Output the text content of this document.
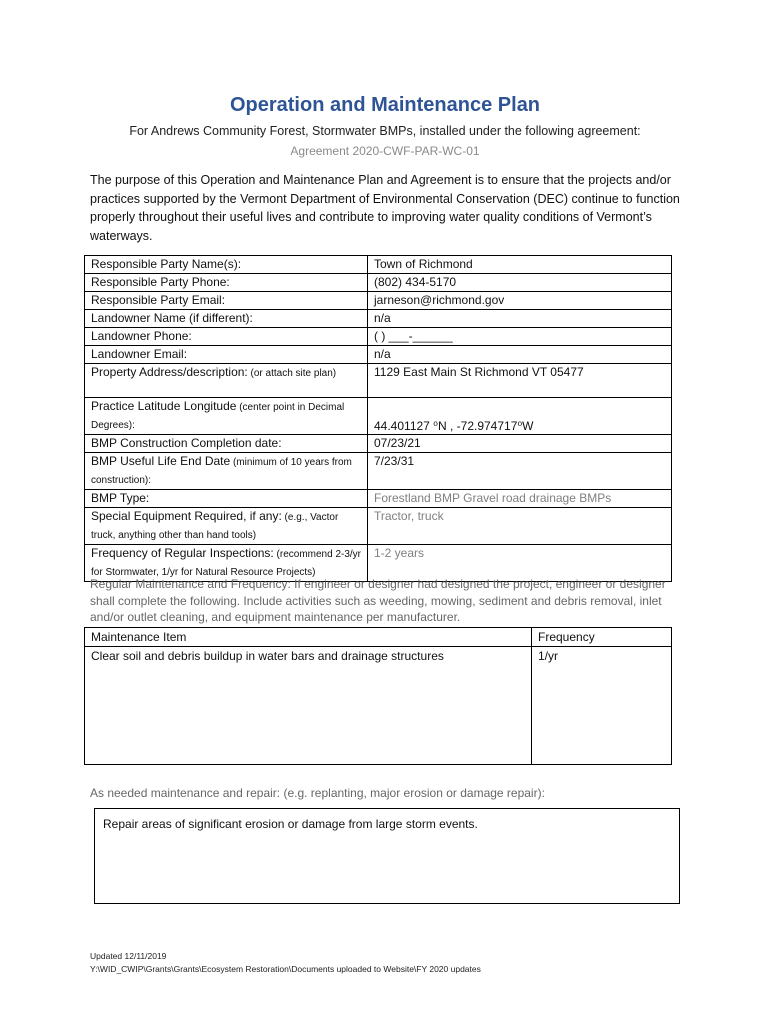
Operation and Maintenance Plan
For Andrews Community Forest, Stormwater BMPs, installed under the following agreement:
Agreement 2020-CWF-PAR-WC-01
The purpose of this Operation and Maintenance Plan and Agreement is to ensure that the projects and/or practices supported by the Vermont Department of Environmental Conservation (DEC) continue to function properly throughout their useful lives and contribute to improving water quality conditions of Vermont’s waterways.
Responsible Party Name(s):	Town of Richmond
Responsible Party Phone:	(802) 434-5170
Responsible Party Email:	jarneson@richmond.gov
Landowner Name (if different):	n/a
Landowner Phone:	( ) ___-______
Landowner Email:	n/a
Property Address/description: (or attach site plan)	1129 East Main St Richmond VT 05477
Practice Latitude Longitude (center point in Decimal Degrees):	44.401127 ⁰N , -72.974717⁰W
BMP Construction Completion date:	07/23/21
BMP Useful Life End Date (minimum of 10 years from construction):	7/23/31
BMP Type:	Forestland BMP Gravel road drainage BMPs
Special Equipment Required, if any: (e.g., Vactor truck, anything other than hand tools)	Tractor, truck
Frequency of Regular Inspections: (recommend 2-3/yr for Stormwater, 1/yr for Natural Resource Projects)	1-2 years
Regular Maintenance and Frequency: If engineer or designer had designed the project, engineer or designer shall complete the following. Include activities such as weeding, mowing, sediment and debris removal, inlet and/or outlet cleaning, and equipment maintenance per manufacturer.
Maintenance Item	Frequency
Clear soil and debris buildup in water bars and drainage structures	1/yr
As needed maintenance and repair: (e.g. replanting, major erosion or damage repair):
Repair areas of significant erosion or damage from large storm events.
Updated 12/11/2019
Y:\WID_CWIP\Grants\Grants\Ecosystem Restoration\Documents uploaded to Website\FY 2020 updates
